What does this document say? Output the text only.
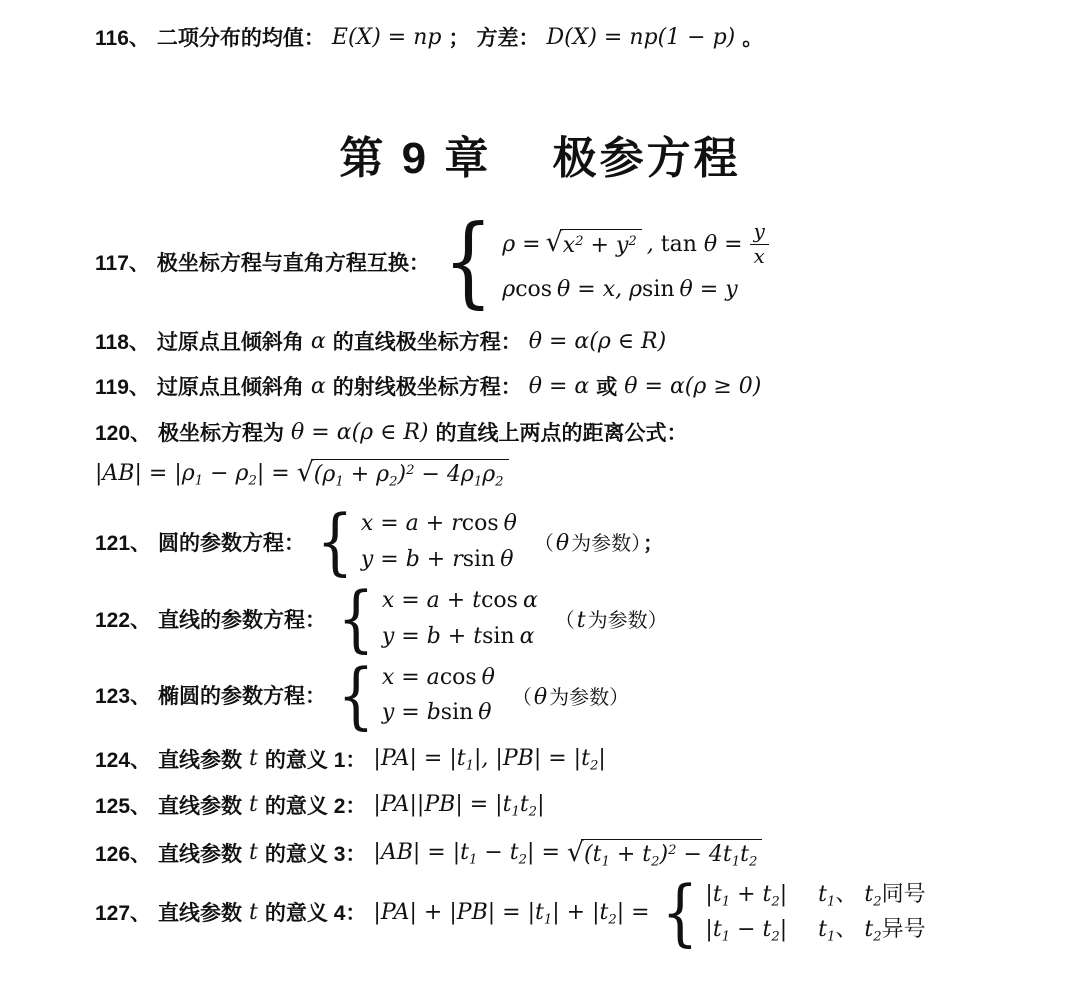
116、 二项分布的均值： E(X) = np ； 方差： D(X) = np(1 − p) 。
第 9 章 极参方程
117、 极坐标方程与直角方程互换： { ρ = √ $x^2 + y^2$ , $\tan \theta = \frac{y}{x}$
ρ cos θ = x, ρ sin θ = y
118、 过原点且倾斜角 α 的直线极坐标方程： θ = α(ρ ∈ R)
119、 过原点且倾斜角 α 的射线极坐标方程： θ = α 或 θ = α(ρ ≥ 0)
120、 极坐标方程为 θ = α(ρ ∈ R) 的直线上两点的距离公式：
$|AB| = |\rho_1 - \rho_2|$ = √ $(\rho_1 + \rho_2)^2 - 4\rho_1\rho_2$
121、 圆的参数方程： { x = a + r cos θ
y = b + r sin θ
（θ 为参数） ；
122、 直线的参数方程： { x = a + t cos α
y = b + t sin α
（t 为参数）
123、 椭圆的参数方程： { x = a cos θ
y = b sin θ
（θ 为参数）
124、 直线参数 t 的意义 1： $|PA| = |t_1|$, $|PB| = |t_2|$
125、 直线参数 t 的意义 2： $|PA||PB| = |t_1t_2|$
126、 直线参数 t 的意义 3： $|AB| = |t_1 - t_2|$ = √ $(t_1 + t_2)^2 - 4t_1t_2$
127、 直线参数 t 的意义 4： $|PA| + |PB| = |t_1| + |t_2|$ = { $|t_1 + t_2|$ $t_1$、 $t_2$同号
$|t_1 - t_2|$ $t_1$、 $t_2$异号
